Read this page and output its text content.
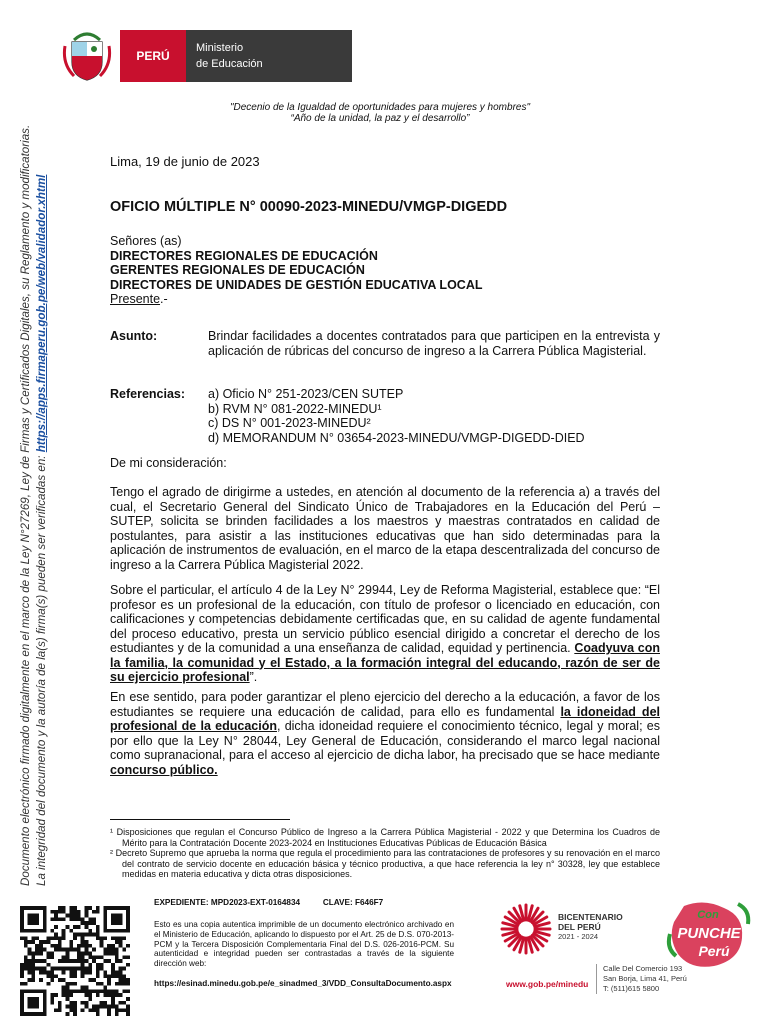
PERÚ
Ministerio
de Educación
"Decenio de la Igualdad de oportunidades para mujeres y hombres"
“Año de la unidad, la paz y el desarrollo”
Documento electrónico firmado digitalmente en el marco de la Ley N°27269, Ley de Firmas y Certificados Digitales, su Reglamento y modificatorias. La integridad del documento y la autoría de la(s) firma(s) pueden ser verificadas en: https://apps.firmaperu.gob.pe/web/validador.xhtml
Lima, 19 de junio de 2023
OFICIO MÚLTIPLE N° 00090-2023-MINEDU/VMGP-DIGEDD
Señores (as)
DIRECTORES REGIONALES DE EDUCACIÓN
GERENTES REGIONALES DE EDUCACIÓN
DIRECTORES DE UNIDADES DE GESTIÓN EDUCATIVA LOCAL
Presente.-
Asunto:	Brindar facilidades a docentes contratados para que participen en la entrevista y aplicación de rúbricas del concurso de ingreso a la Carrera Pública Magisterial.
Referencias: a) Oficio N° 251-2023/CEN SUTEP
b) RVM N° 081-2022-MINEDU¹
c) DS N° 001-2023-MINEDU²
d) MEMORANDUM N° 03654-2023-MINEDU/VMGP-DIGEDD-DIED
De mi consideración:
Tengo el agrado de dirigirme a ustedes, en atención al documento de la referencia a) a través del cual, el Secretario General del Sindicato Único de Trabajadores en la Educación del Perú – SUTEP, solicita se brinden facilidades a los maestros y maestras contratados en calidad de postulantes, para asistir a las instituciones educativas que han sido determinadas para la aplicación de instrumentos de evaluación, en el marco de la etapa descentralizada del concurso de ingreso a la Carrera Pública Magisterial 2022.
Sobre el particular, el artículo 4 de la Ley N° 29944, Ley de Reforma Magisterial, establece que: “El profesor es un profesional de la educación, con título de profesor o licenciado en educación, con calificaciones y competencias debidamente certificadas que, en su calidad de agente fundamental del proceso educativo, presta un servicio público esencial dirigido a concretar el derecho de los estudiantes y de la comunidad a una enseñanza de calidad, equidad y pertinencia. Coadyuva con la familia, la comunidad y el Estado, a la formación integral del educando, razón de ser de su ejercicio profesional”.
En ese sentido, para poder garantizar el pleno ejercicio del derecho a la educación, a favor de los estudiantes se requiere una educación de calidad, para ello es fundamental la idoneidad del profesional de la educación, dicha idoneidad requiere el conocimiento técnico, legal y moral; es por ello que la Ley N° 28044, Ley General de Educación, considerando el marco legal nacional como supranacional, para el acceso al ejercicio de dicha labor, ha precisado que se hace mediante concurso público.

¹ Disposiciones que regulan el Concurso Público de Ingreso a la Carrera Pública Magisterial - 2022 y que Determina los Cuadros de Mérito para la Contratación Docente 2023-2024 en Instituciones Educativas Públicas de Educación Básica

² Decreto Supremo que aprueba la norma que regula el procedimiento para las contrataciones de profesores y su renovación en el marco del contrato de servicio docente en educación básica y técnico productiva, a que hace referencia la ley n° 30328, ley que establece medidas en materia educativa y dicta otras disposiciones.

EXPEDIENTE: MPD2023-EXT-0164834          CLAVE: F646F7
Esto es una copia autentica imprimible de un documento electrónico archivado en el Ministerio de Educación, aplicando lo dispuesto por el Art. 25 de D.S. 070-2013-PCM y la Tercera Disposición Complementaria Final del D.S. 026-2016-PCM. Su autenticidad e integridad pueden ser contrastadas a través de la siguiente dirección web:
https://esinad.minedu.gob.pe/e_sinadmed_3/VDD_ConsultaDocumento.aspx
BICENTENARIO
DEL PERÚ
2021 - 2024
Con
PUNCHE
Perú
www.gob.pe/minedu
Calle Del Comercio 193
San Borja, Lima 41, Perú
T: (511)615 5800
